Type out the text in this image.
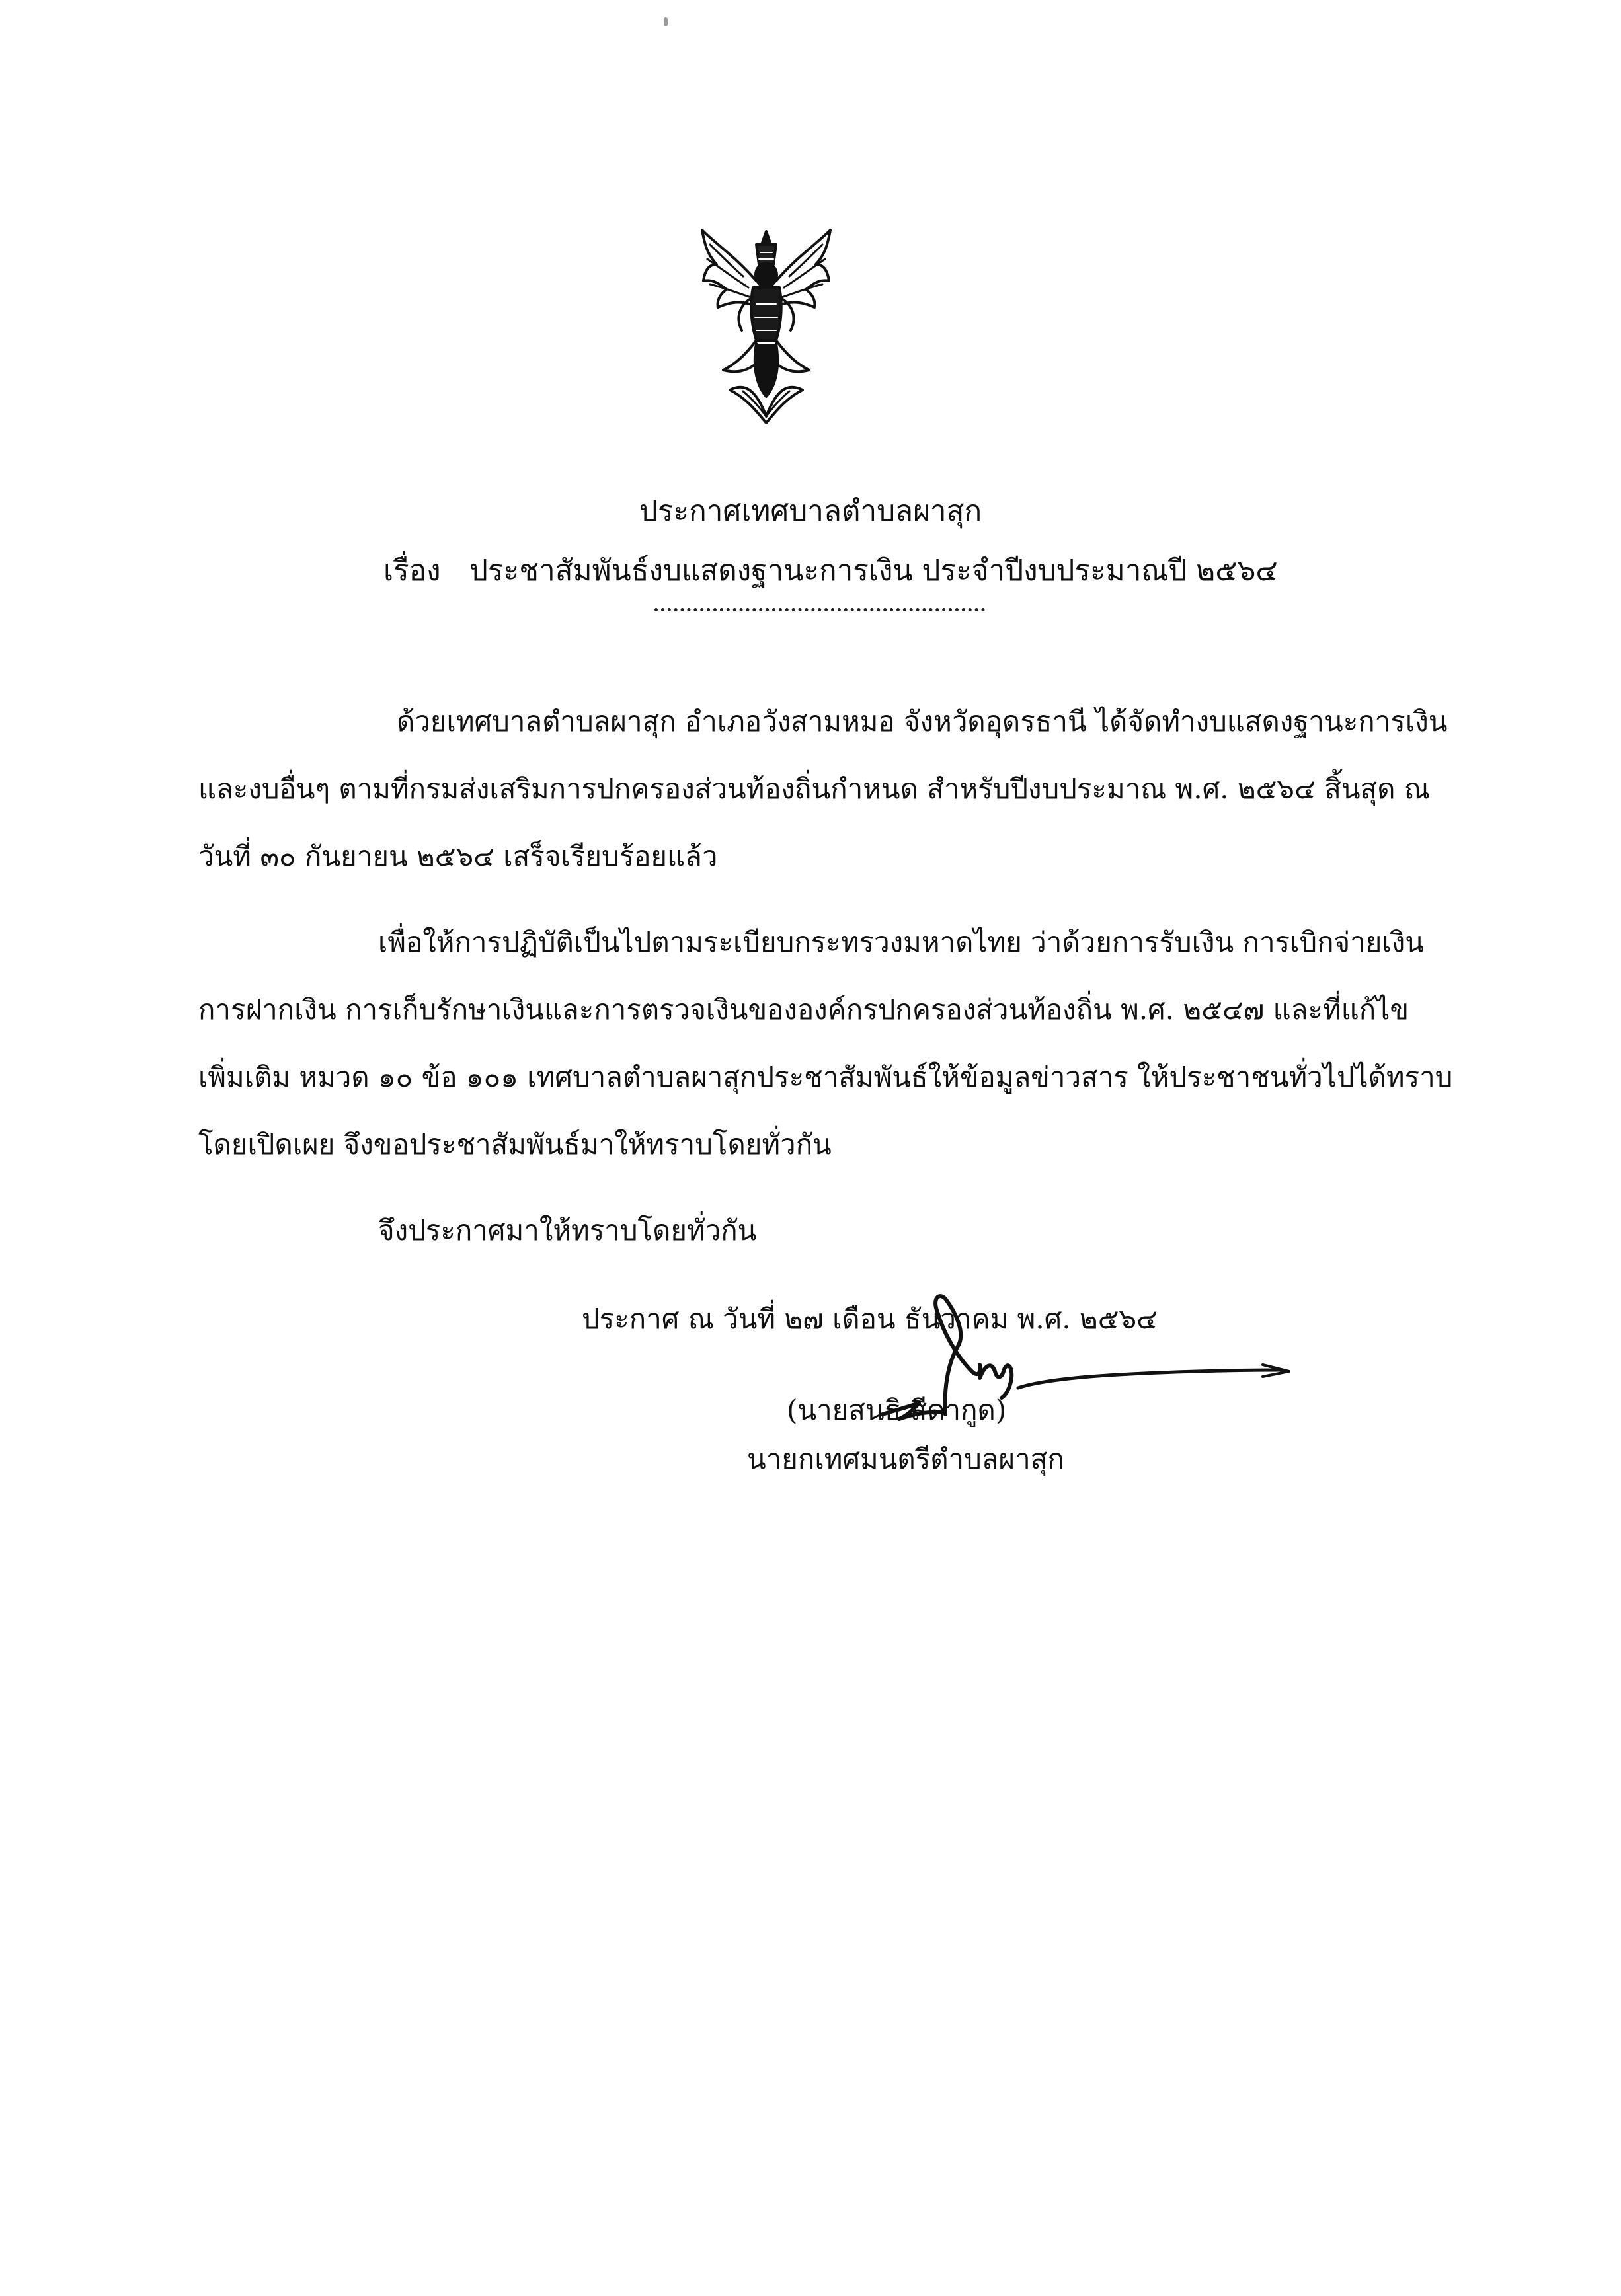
ประกาศเทศบาลตำบลผาสุก
เรื่อง ประชาสัมพันธ์งบแสดงฐานะการเงิน ประจำปีงบประมาณปี ๒๕๖๔
ด้วยเทศบาลตำบลผาสุก อำเภอวังสามหมอ จังหวัดอุดรธานี ได้จัดทำงบแสดงฐานะการเงิน
และงบอื่นๆ ตามที่กรมส่งเสริมการปกครองส่วนท้องถิ่นกำหนด สำหรับปีงบประมาณ พ.ศ. ๒๕๖๔ สิ้นสุด ณ
วันที่ ๓๐ กันยายน ๒๕๖๔ เสร็จเรียบร้อยแล้ว
เพื่อให้การปฏิบัติเป็นไปตามระเบียบกระทรวงมหาดไทย ว่าด้วยการรับเงิน การเบิกจ่ายเงิน
การฝากเงิน การเก็บรักษาเงินและการตรวจเงินขององค์กรปกครองส่วนท้องถิ่น พ.ศ. ๒๕๔๗ และที่แก้ไข
เพิ่มเติม หมวด ๑๐ ข้อ ๑๐๑ เทศบาลตำบลผาสุกประชาสัมพันธ์ให้ข้อมูลข่าวสาร ให้ประชาชนทั่วไปได้ทราบ
โดยเปิดเผย จึงขอประชาสัมพันธ์มาให้ทราบโดยทั่วกัน
จึงประกาศมาให้ทราบโดยทั่วกัน
ประกาศ ณ วันที่ ๒๗ เดือน ธันวาคม พ.ศ. ๒๕๖๔
(นายสนธิ สีดากูด)
นายกเทศมนตรีตำบลผาสุก
